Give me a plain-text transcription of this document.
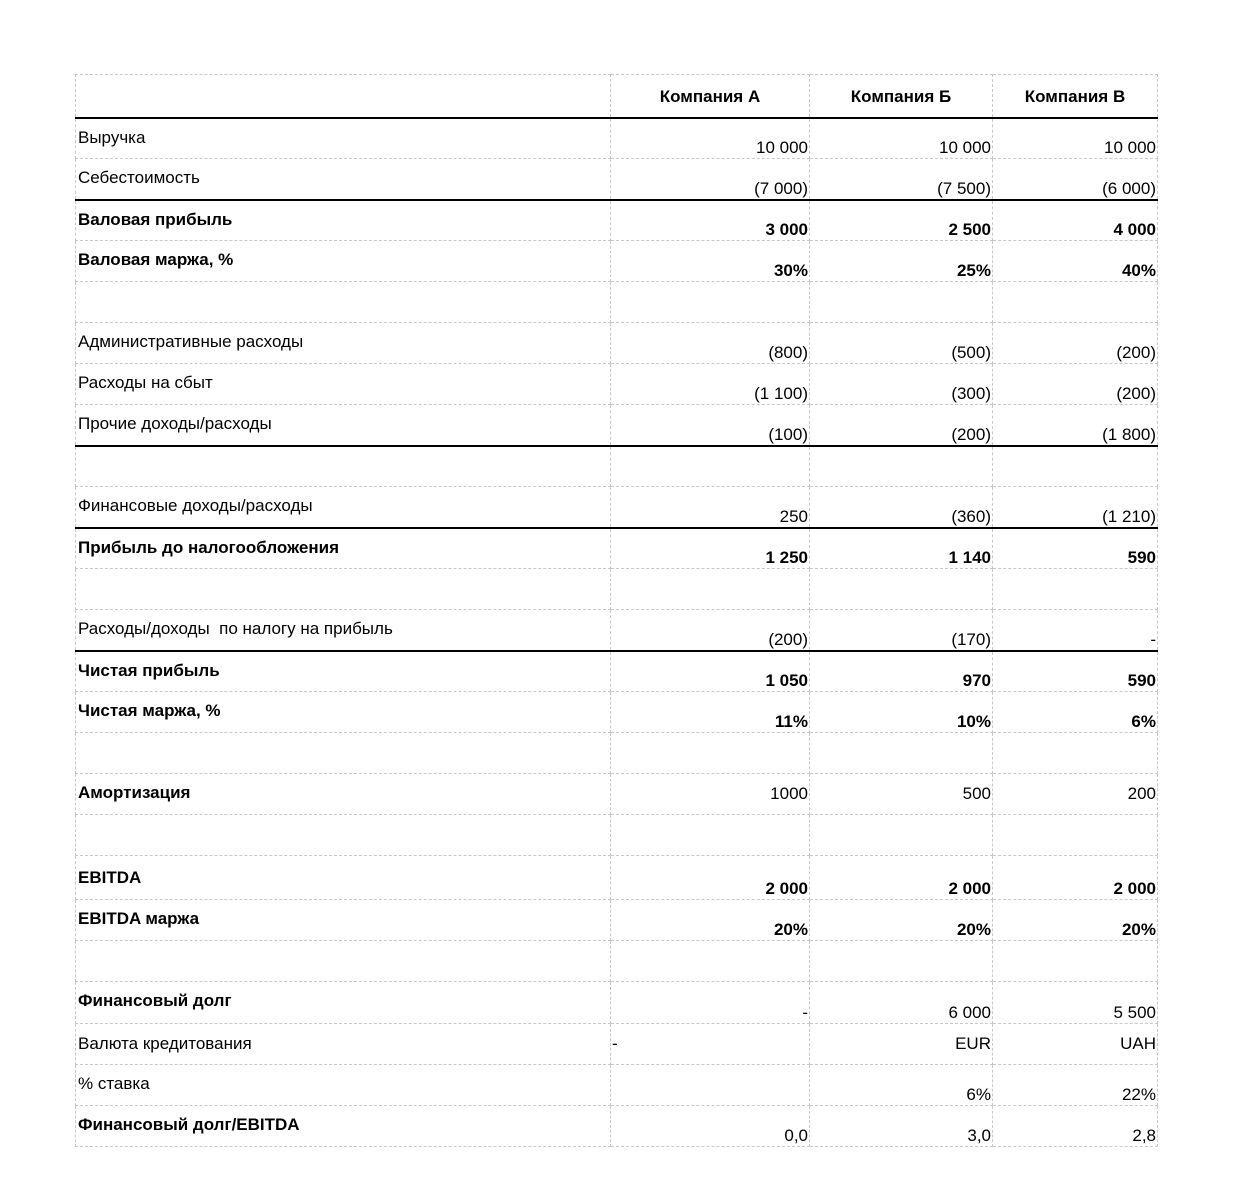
	Компания А	Компания Б	Компания В
Выручка	10 000	10 000	10 000
Себестоимость	(7 000)	(7 500)	(6 000)
Валовая прибыль	3 000	2 500	4 000
Валовая маржа, %	30%	25%	40%

Административные расходы	(800)	(500)	(200)
Расходы на сбыт	(1 100)	(300)	(200)
Прочие доходы/расходы	(100)	(200)	(1 800)

Финансовые доходы/расходы	250	(360)	(1 210)
Прибыль до налогообложения	1 250	1 140	590

Расходы/доходы  по налогу на прибыль	(200)	(170)	-
Чистая прибыль	1 050	970	590
Чистая маржа, %	11%	10%	6%

Амортизация	1000	500	200

EBITDA	2 000	2 000	2 000
EBITDA маржа	20%	20%	20%

Финансовый долг	-	6 000	5 500
Валюта кредитования	-	EUR	UAH
% ставка		6%	22%
Финансовый долг/EBITDA	0,0	3,0	2,8
